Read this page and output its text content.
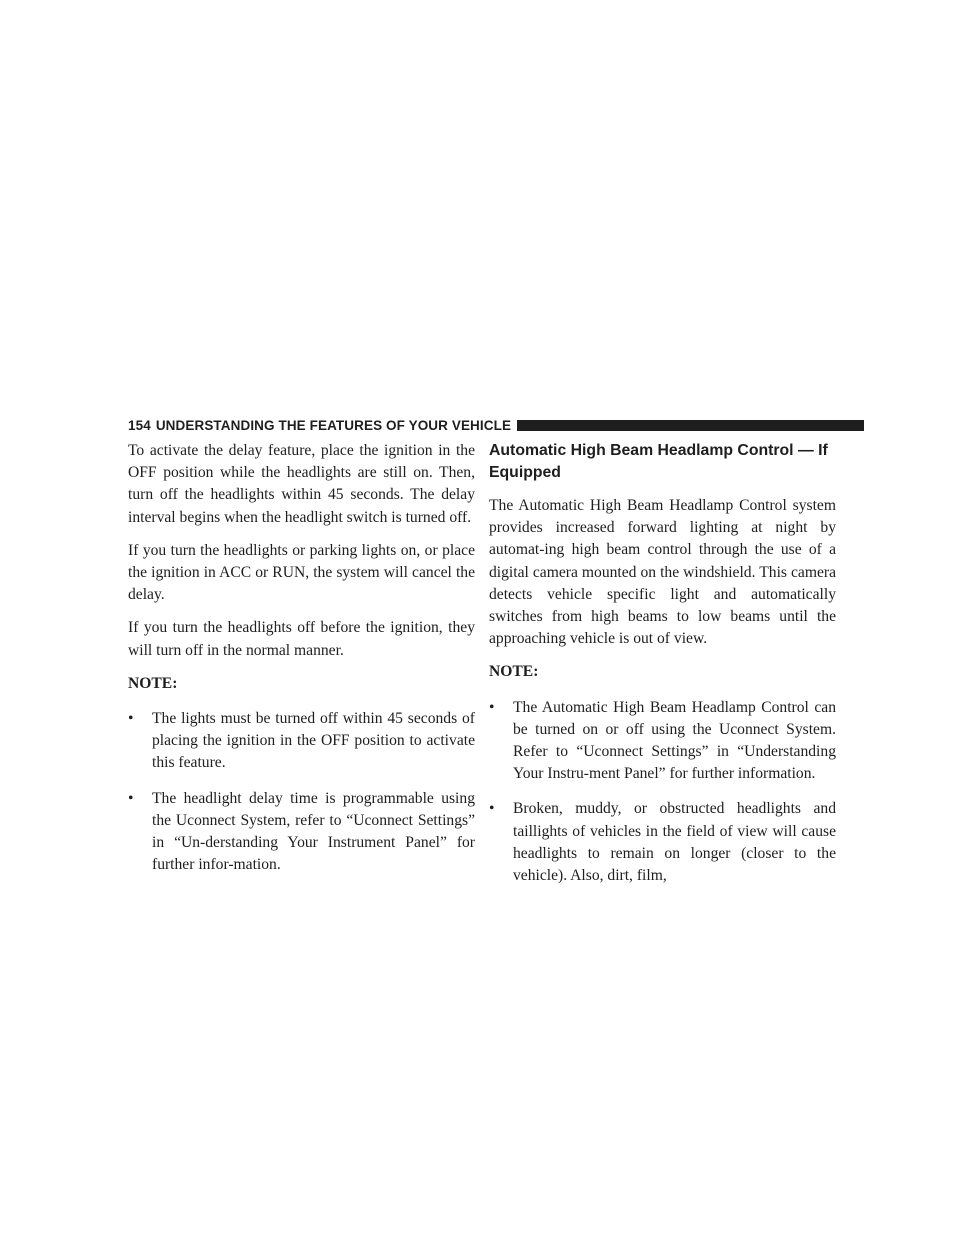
154 UNDERSTANDING THE FEATURES OF YOUR VEHICLE

To activate the delay feature, place the ignition in the OFF position while the headlights are still on. Then, turn off the headlights within 45 seconds. The delay interval begins when the headlight switch is turned off.

If you turn the headlights or parking lights on, or place the ignition in ACC or RUN, the system will cancel the delay.

If you turn the headlights off before the ignition, they will turn off in the normal manner.

NOTE:
•	The lights must be turned off within 45 seconds of placing the ignition in the OFF position to activate this feature.
•	The headlight delay time is programmable using the Uconnect System, refer to “Uconnect Settings” in “Un-derstanding Your Instrument Panel” for further infor-mation.
Automatic High Beam Headlamp Control — If Equipped

The Automatic High Beam Headlamp Control system provides increased forward lighting at night by automat-ing high beam control through the use of a digital camera mounted on the windshield. This camera detects vehicle specific light and automatically switches from high beams to low beams until the approaching vehicle is out of view.

NOTE:
•	The Automatic High Beam Headlamp Control can be turned on or off using the Uconnect System. Refer to “Uconnect Settings” in “Understanding Your Instru-ment Panel” for further information.
•	Broken, muddy, or obstructed headlights and taillights of vehicles in the field of view will cause headlights to remain on longer (closer to the vehicle). Also, dirt, film,
